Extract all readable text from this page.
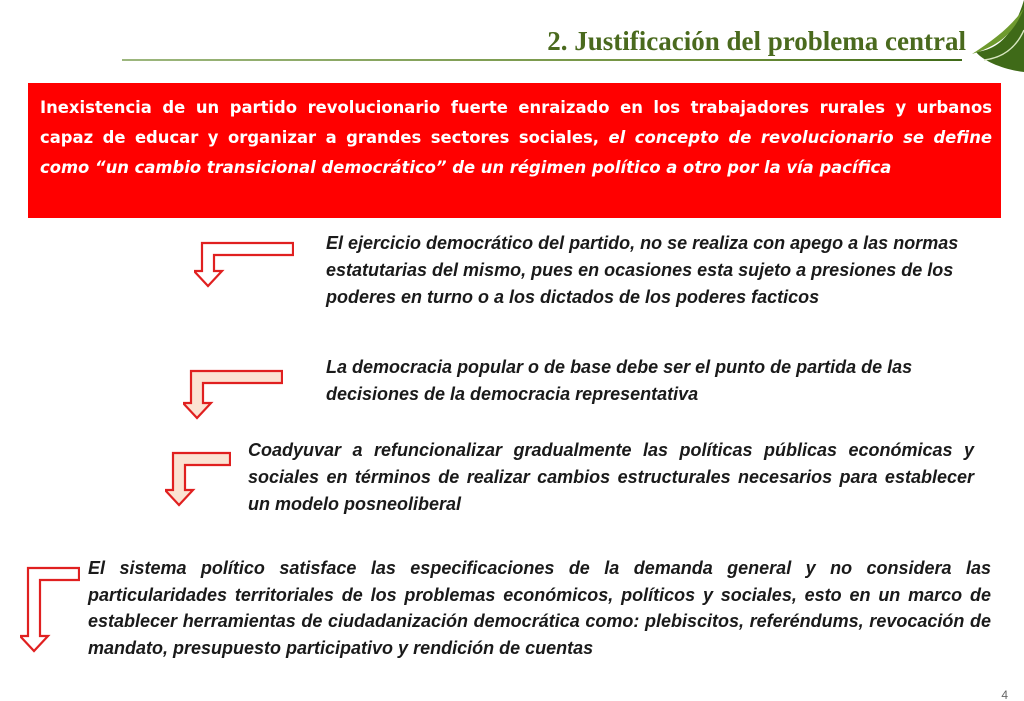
2. Justificación del problema central
Inexistencia de un partido revolucionario fuerte enraizado en los trabajadores rurales y urbanos capaz de educar y organizar a grandes sectores sociales, el concepto de revolucionario se define como “un cambio transicional democrático” de un régimen político a otro por la vía pacífica
El ejercicio democrático del partido, no se realiza con apego a las normas estatutarias del mismo, pues en ocasiones esta sujeto a presiones de los poderes en turno o a los dictados de los poderes facticos
La democracia popular o de base debe ser el punto de partida de las decisiones de la democracia representativa
Coadyuvar a refuncionalizar gradualmente las políticas públicas económicas y sociales en términos de realizar cambios estructurales necesarios para establecer un modelo posneoliberal
El sistema político satisface las especificaciones de la demanda general y no considera las particularidades territoriales de los problemas económicos, políticos y sociales, esto en un marco de establecer herramientas de ciudadanización democrática como: plebiscitos, referéndums, revocación de mandato, presupuesto participativo y rendición de cuentas
4
